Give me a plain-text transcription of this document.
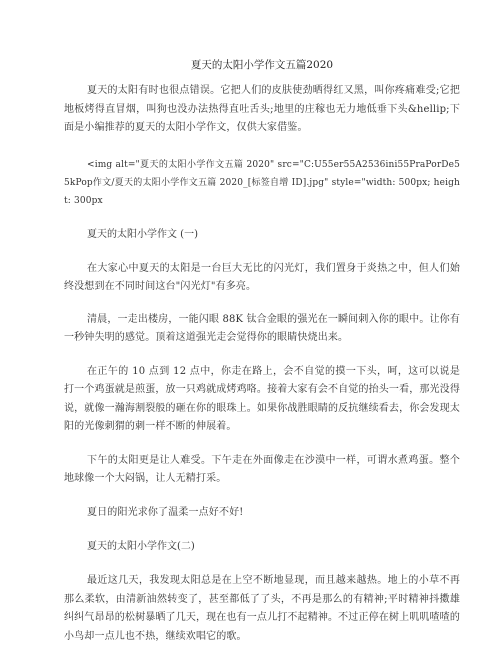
夏天的太阳小学作文五篇2020

夏天的太阳有时也很点错误。它把人们的皮肤使劲晒得红又黑，叫你疼痛难受;它把地板烤得直冒烟，叫狗也没办法热得直吐舌头;地里的庄稼也无力地低垂下头&hellip;下面是小编推荐的夏天的太阳小学作文，仅供大家借鉴。

<img alt="夏天的太阳小学作文五篇 2020" src="C:U55er55A2536ini55PraPorDe55kPop作文/夏天的太阳小学作文五篇 2020_[标签自增 ID].jpg" style="width: 500px; height: 300px

夏天的太阳小学作文 (一)

在大家心中夏天的太阳是一台巨大无比的闪光灯，我们置身于炎热之中，但人们始终没想到在不同时间这台"闪光灯"有多亮。

清晨，一走出楼房，一能闪眼 88K 钛合金眼的强光在一瞬间刺入你的眼中。让你有一秒钟失明的感觉。顶着这道强光走会觉得你的眼睛快烧出来。

在正午的 10 点到 12 点中，你走在路上，会不自觉的摸一下头，呵，这可以说是打一个鸡蛋就是煎蛋，放一只鸡就成烤鸡咯。接着大家有会不自觉的抬头一看，那光没得说，就像一瀚海割裂般的砸在你的眼珠上。如果你战胜眼睛的反抗继续看去，你会发现太阳的光像刺猬的刺一样不断的伸展着。

下午的太阳更是让人难受。下午走在外面像走在沙漠中一样，可谓水煮鸡蛋。整个地球像一个大闷锅，让人无精打采。

夏日的阳光求你了温柔一点好不好!

夏天的太阳小学作文(二)

最近这几天，我发现太阳总是在上空不断地显现，而且越来越热。地上的小草不再那么柔软，由清新油然转变了，甚至都低了了头，不再是那么的有精神;平时精神抖擞雄纠纠气昂昂的松树暴晒了几天，现在也有一点儿打不起精神。不过正停在树上叽叽喳喳的小鸟却一点儿也不热，继续欢唱它的歌。
